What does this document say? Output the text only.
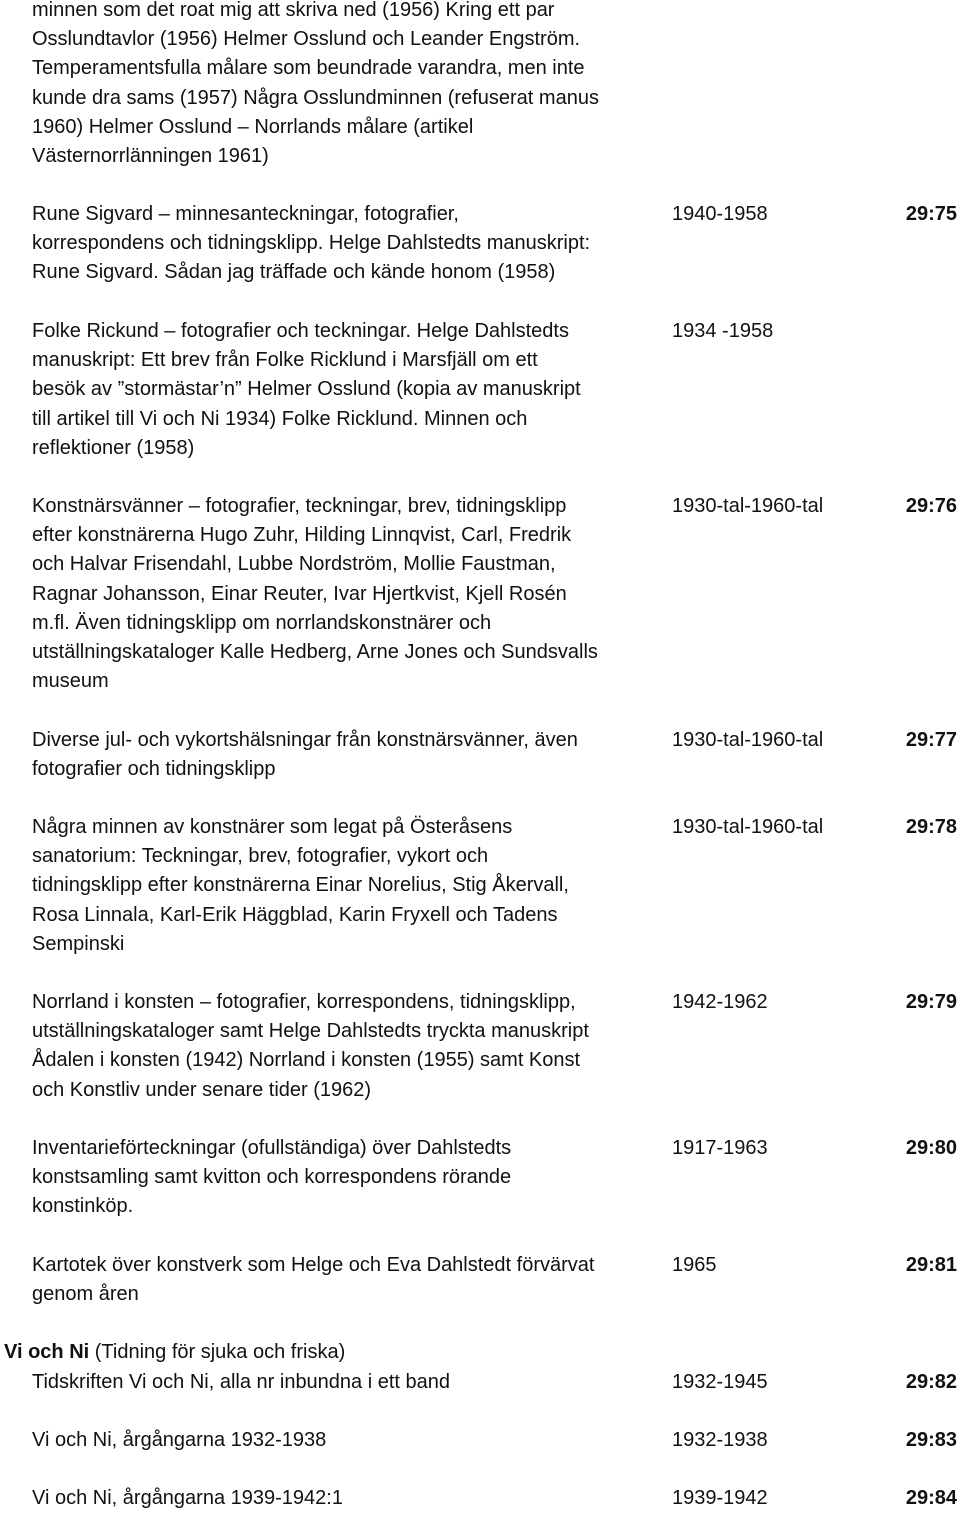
minnen som det roat mig att skriva ned (1956) Kring ett par
Osslundtavlor (1956) Helmer Osslund och Leander Engström.
Temperamentsfulla målare som beundrade varandra, men inte
kunde dra sams (1957) Några Osslundminnen (refuserat manus
1960) Helmer Osslund – Norrlands målare (artikel
Västernorrlänningen 1961)
Rune Sigvard – minnesanteckningar, fotografier,
korrespondens och tidningsklipp. Helge Dahlstedts manuskript:
Rune Sigvard. Sådan jag träffade och kände honom (1958)
1940-1958	29:75
Folke Rickund – fotografier och teckningar. Helge Dahlstedts
manuskript: Ett brev från Folke Ricklund i Marsfjäll om ett
besök av ”stormästar’n” Helmer Osslund (kopia av manuskript
till artikel till Vi och Ni 1934) Folke Ricklund. Minnen och
reflektioner (1958)
1934 -1958
Konstnärsvänner – fotografier, teckningar, brev, tidningsklipp
efter konstnärerna Hugo Zuhr, Hilding Linnqvist, Carl, Fredrik
och Halvar Frisendahl, Lubbe Nordström, Mollie Faustman,
Ragnar Johansson, Einar Reuter, Ivar Hjertkvist, Kjell Rosén
m.fl. Även tidningsklipp om norrlandskonstnärer och
utställningskataloger Kalle Hedberg, Arne Jones och Sundsvalls
museum
1930-tal-1960-tal	29:76
Diverse jul- och vykortshälsningar från konstnärsvänner, även
fotografier och tidningsklipp
1930-tal-1960-tal	29:77
Några minnen av konstnärer som legat på Österåsens
sanatorium: Teckningar, brev, fotografier, vykort och
tidningsklipp efter konstnärerna Einar Norelius, Stig Åkervall,
Rosa Linnala, Karl-Erik Häggblad, Karin Fryxell och Tadens
Sempinski
1930-tal-1960-tal	29:78
Norrland i konsten – fotografier, korrespondens, tidningsklipp,
utställningskataloger samt Helge Dahlstedts tryckta manuskript
Ådalen i konsten (1942) Norrland i konsten (1955) samt Konst
och Konstliv under senare tider (1962)
1942-1962	29:79
Inventarieförteckningar (ofullständiga) över Dahlstedts
konstsamling samt kvitton och korrespondens rörande
konstinköp.
1917-1963	29:80
Kartotek över konstverk som Helge och Eva Dahlstedt förvärvat
genom åren
1965	29:81
Vi och Ni (Tidning för sjuka och friska)
Tidskriften Vi och Ni, alla nr inbundna i ett band	1932-1945	29:82
Vi och Ni, årgångarna 1932-1938	1932-1938	29:83
Vi och Ni, årgångarna 1939-1942:1	1939-1942	29:84
